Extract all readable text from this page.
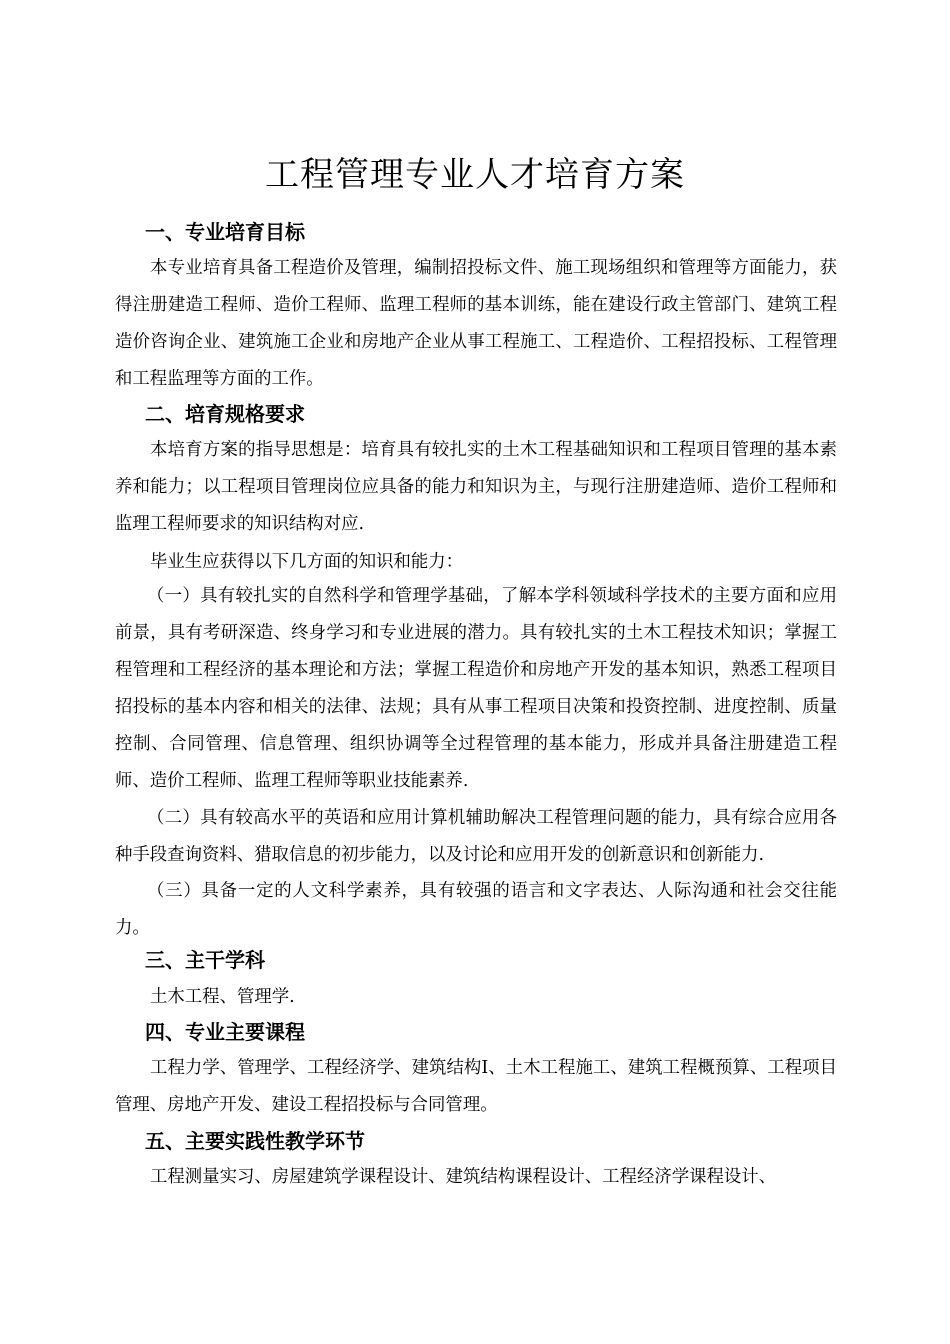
工程管理专业人才培育方案
一、专业培育目标
本专业培育具备工程造价及管理，编制招投标文件、施工现场组织和管理等方面能力，获得注册建造工程师、造价工程师、监理工程师的基本训练，能在建设行政主管部门、建筑工程造价咨询企业、建筑施工企业和房地产企业从事工程施工、工程造价、工程招投标、工程管理和工程监理等方面的工作。
二、培育规格要求
本培育方案的指导思想是：培育具有较扎实的土木工程基础知识和工程项目管理的基本素养和能力；以工程项目管理岗位应具备的能力和知识为主，与现行注册建造师、造价工程师和监理工程师要求的知识结构对应.
毕业生应获得以下几方面的知识和能力：
（一）具有较扎实的自然科学和管理学基础，了解本学科领域科学技术的主要方面和应用前景，具有考研深造、终身学习和专业进展的潜力。具有较扎实的土木工程技术知识；掌握工程管理和工程经济的基本理论和方法；掌握工程造价和房地产开发的基本知识，熟悉工程项目招投标的基本内容和相关的法律、法规；具有从事工程项目决策和投资控制、进度控制、质量控制、合同管理、信息管理、组织协调等全过程管理的基本能力，形成并具备注册建造工程师、造价工程师、监理工程师等职业技能素养.
（二）具有较高水平的英语和应用计算机辅助解决工程管理问题的能力，具有综合应用各种手段查询资料、猎取信息的初步能力，以及讨论和应用开发的创新意识和创新能力.
（三）具备一定的人文科学素养，具有较强的语言和文字表达、人际沟通和社会交往能力。
三、主干学科
土木工程、管理学.
四、专业主要课程
工程力学、管理学、工程经济学、建筑结构Ⅰ、土木工程施工、建筑工程概预算、工程项目管理、房地产开发、建设工程招投标与合同管理。
五、主要实践性教学环节
工程测量实习、房屋建筑学课程设计、建筑结构课程设计、工程经济学课程设计、
